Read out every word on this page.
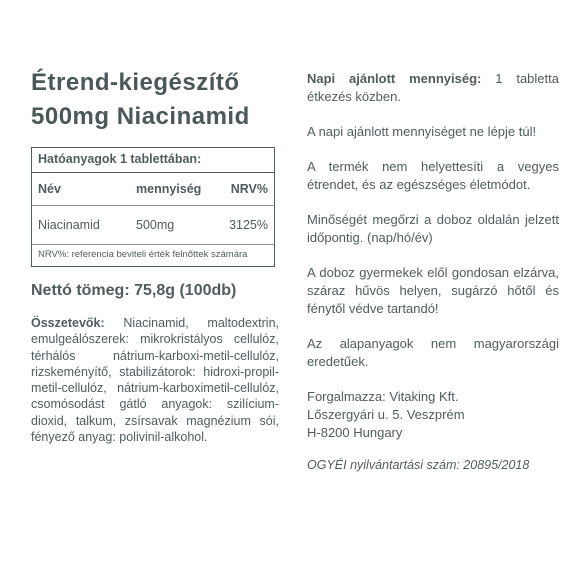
Étrend-kiegészítő
500mg Niacinamid
Hatóanyagok 1 tablettában:
Név	mennyiség	NRV%
Niacinamid	500mg	3125%
NRV%: referencia beviteli érték felnőttek számára
Nettó tömeg: 75,8g (100db)
Összetevők: Niacinamid, maltodextrin, emulgeálószerek: mikrokristályos cellulóz, térhálós nátrium-karboxi-metil-cellulóz, rizskeményítő, stabilizátorok: hidroxi-propil-metil-cellulóz, nátrium-karboximetil-cellulóz, csomósodást gátló anyagok: szilícium-dioxid, talkum, zsírsavak magnézium sói, fényező anyag: polivinil-alkohol.

Napi ajánlott mennyiség: 1 tabletta étkezés közben.

A napi ajánlott mennyiséget ne lépje túl!

A termék nem helyettesíti a vegyes étrendet, és az egészséges életmódot.

Minőségét megőrzi a doboz oldalán jelzett időpontig. (nap/hó/év)

A doboz gyermekek elől gondosan elzárva, száraz hűvös helyen, sugárzó hőtől és fénytől védve tartandó!

Az alapanyagok nem magyarországi eredetűek.

Forgalmazza: Vitaking Kft.

Lőszergyári u. 5. Veszprém

H-8200 Hungary

OGYÉI nyilvántartási szám: 20895/2018
